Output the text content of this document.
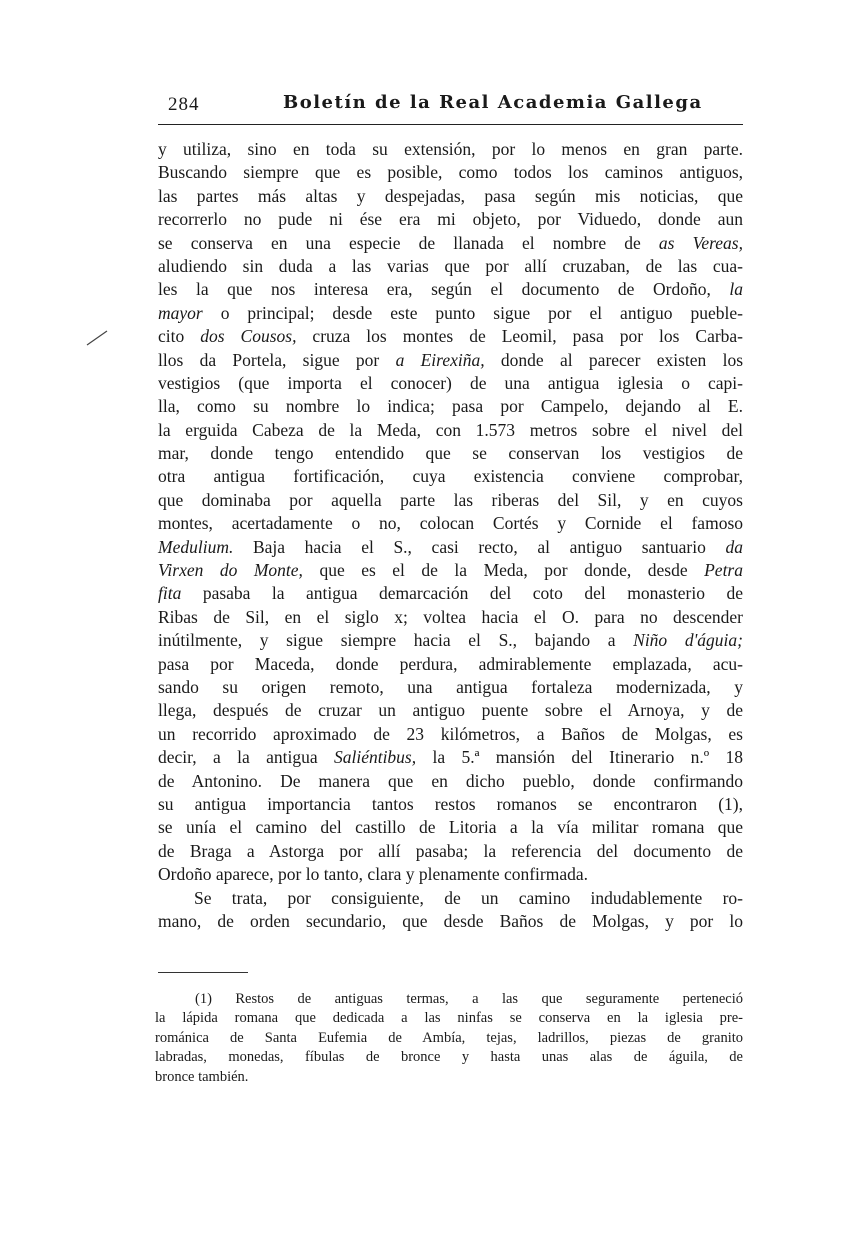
284	Boletín de la Real Academia Gallega
y utiliza, sino en toda su extensión, por lo menos en gran parte.
Buscando siempre que es posible, como todos los caminos antiguos,
las partes más altas y despejadas, pasa según mis noticias, que
recorrerlo no pude ni ése era mi objeto, por Viduedo, donde aun
se conserva en una especie de llanada el nombre de as Vereas,
aludiendo sin duda a las varias que por allí cruzaban, de las cua-
les la que nos interesa era, según el documento de Ordoño, la
mayor o principal; desde este punto sigue por el antiguo pueble-
cito dos Cousos, cruza los montes de Leomil, pasa por los Carba-
llos da Portela, sigue por a Eirexiña, donde al parecer existen los
vestigios (que importa el conocer) de una antigua iglesia o capi-
lla, como su nombre lo indica; pasa por Campelo, dejando al E.
la erguida Cabeza de la Meda, con 1.573 metros sobre el nivel del
mar, donde tengo entendido que se conservan los vestigios de
otra antigua fortificación, cuya existencia conviene comprobar,
que dominaba por aquella parte las riberas del Sil, y en cuyos
montes, acertadamente o no, colocan Cortés y Cornide el famoso
Medulium. Baja hacia el S., casi recto, al antiguo santuario da
Virxen do Monte, que es el de la Meda, por donde, desde Petra
fita pasaba la antigua demarcación del coto del monasterio de
Ribas de Sil, en el siglo x; voltea hacia el O. para no descender
inútilmente, y sigue siempre hacia el S., bajando a Niño d'águia;
pasa por Maceda, donde perdura, admirablemente emplazada, acu-
sando su origen remoto, una antigua fortaleza modernizada, y
llega, después de cruzar un antiguo puente sobre el Arnoya, y de
un recorrido aproximado de 23 kilómetros, a Baños de Molgas, es
decir, a la antigua Saliéntibus, la 5.ª mansión del Itinerario n.º 18
de Antonino. De manera que en dicho pueblo, donde confirmando
su antigua importancia tantos restos romanos se encontraron (1),
se unía el camino del castillo de Litoria a la vía militar romana que
de Braga a Astorga por allí pasaba; la referencia del documento de
Ordoño aparece, por lo tanto, clara y plenamente confirmada.
Se trata, por consiguiente, de un camino indudablemente ro-
mano, de orden secundario, que desde Baños de Molgas, y por lo
(1) Restos de antiguas termas, a las que seguramente perteneció
la lápida romana que dedicada a las ninfas se conserva en la iglesia pre-
románica de Santa Eufemia de Ambía, tejas, ladrillos, piezas de granito
labradas, monedas, fíbulas de bronce y hasta unas alas de águila, de
bronce también.
